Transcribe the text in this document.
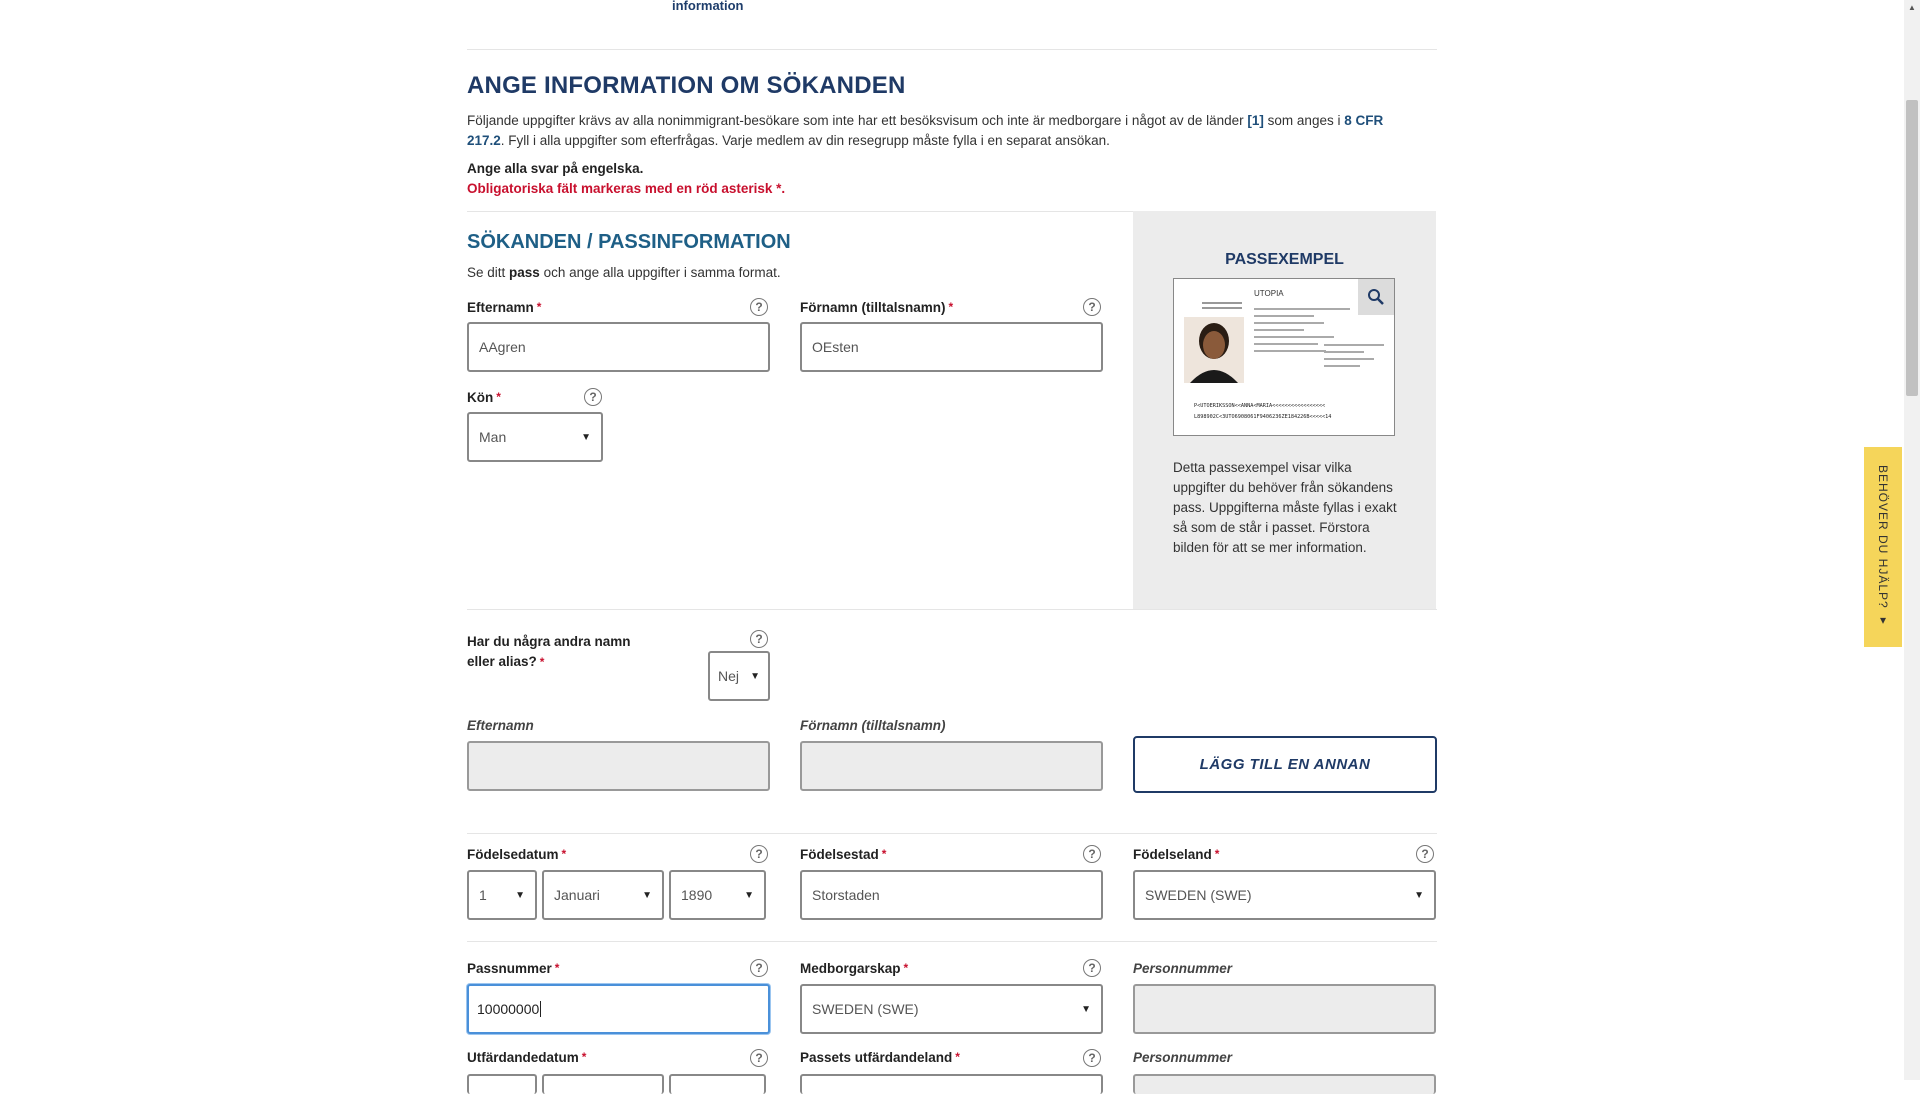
information
ANGE INFORMATION OM SÖKANDEN
Följande uppgifter krävs av alla nonimmigrant-besökare som inte har ett besöksvisum och inte är medborgare i något av de länder [1] som anges i 8 CFR 217.2. Fyll i alla uppgifter som efterfrågas. Varje medlem av din resegrupp måste fylla i en separat ansökan.
Ange alla svar på engelska.
Obligatoriska fält markeras med en röd asterisk *.
SÖKANDEN / PASSINFORMATION
Se ditt pass och ange alla uppgifter i samma format.
Efternamn *	?
AAgren
Förnamn (tilltalsnamn) *	?
OEsten
Kön *	?
Man	▼
PASSEXEMPEL
UTOPIA
P<UTOERIKSSON<<ANNA<MARIA<<<<<<<<<<<<<<<<<
L898902C<3UTO6908061F9406236ZE184226B<<<<<14
Detta passexempel visar vilka uppgifter du behöver från sökandens pass. Uppgifterna måste fyllas i exakt så som de står i passet. Förstora bilden för att se mer information.
Har du några andra namn
eller alias? *
?
Nej ▼
Efternamn	Förnamn (tilltalsnamn)
LÄGG TILL EN ANNAN
Födelsedatum *	?
1	▼ Januari	▼ 1890	▼
Födelsestad *	?
Storstaden
Födelseland *	?
SWEDEN (SWE)	▼
Passnummer *	?
10000000
Medborgarskap *	?
SWEDEN (SWE)	▼
Personnummer
Utfärdandedatum *	?	Passets utfärdandeland *	?	Personnummer
BEHÖVER DU HJÄLP? ▾
▲
